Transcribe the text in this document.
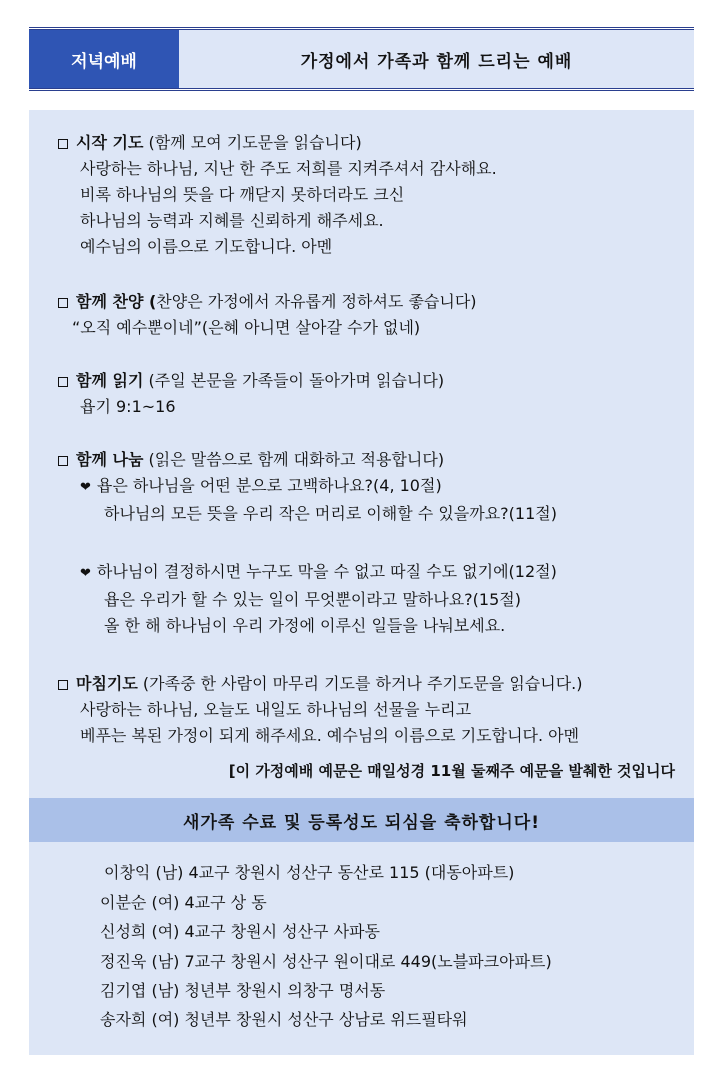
저녁예배	가정에서 가족과 함께 드리는 예배
시작 기도 (함께 모여 기도문을 읽습니다)
사랑하는 하나님, 지난 한 주도 저희를 지켜주셔서 감사해요.
비록 하나님의 뜻을 다 깨닫지 못하더라도 크신
하나님의 능력과 지혜를 신뢰하게 해주세요.
예수님의 이름으로 기도합니다. 아멘
함께 찬양 (찬양은 가정에서 자유롭게 정하셔도 좋습니다)
“오직 예수뿐이네”(은혜 아니면 살아갈 수가 없네)
함께 읽기 (주일 본문을 가족들이 돌아가며 읽습니다)
욥기 9:1~16
함께 나눔 (읽은 말씀으로 함께 대화하고 적용합니다)
❤ 욥은 하나님을 어떤 분으로 고백하나요?(4, 10절)
하나님의 모든 뜻을 우리 작은 머리로 이해할 수 있을까요?(11절)
❤ 하나님이 결정하시면 누구도 막을 수 없고 따질 수도 없기에(12절)
욥은 우리가 할 수 있는 일이 무엇뿐이라고 말하나요?(15절)
올 한 해 하나님이 우리 가정에 이루신 일들을 나눠보세요.
마침기도 (가족중 한 사람이 마무리 기도를 하거나 주기도문을 읽습니다.)
사랑하는 하나님, 오늘도 내일도 하나님의 선물을 누리고
베푸는 복된 가정이 되게 해주세요. 예수님의 이름으로 기도합니다. 아멘
[이 가정예배 예문은 매일성경 11월 둘째주 예문을 발췌한 것입니다
새가족 수료 및 등록성도 되심을 축하합니다!
이창익 (남) 4교구 창원시 성산구 동산로 115 (대동아파트)
이분순 (여) 4교구 상 동
신성희 (여) 4교구 창원시 성산구 사파동
정진욱 (남) 7교구 창원시 성산구 원이대로 449(노블파크아파트)
김기엽 (남) 청년부 창원시 의창구 명서동
송자희 (여) 청년부 창원시 성산구 상남로 위드필타워
